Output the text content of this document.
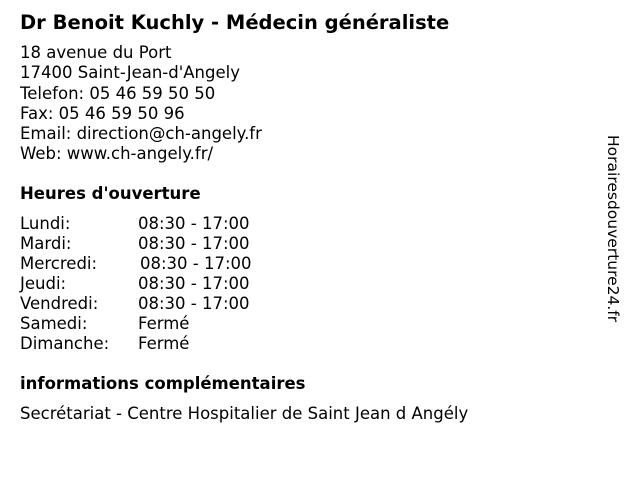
Dr Benoit Kuchly - Médecin généraliste
18 avenue du Port
17400 Saint-Jean-d'Angely
Telefon: 05 46 59 50 50
Fax: 05 46 59 50 96
Email: direction@ch-angely.fr
Web: www.ch-angely.fr/
Heures d'ouverture
Lundi:	08:30 - 17:00
Mardi:	08:30 - 17:00
Mercredi:	08:30 - 17:00
Jeudi:	08:30 - 17:00
Vendredi: 08:30 - 17:00
Samedi:	Fermé
Dimanche: Fermé
informations complémentaires
Secrétariat - Centre Hospitalier de Saint Jean d Angély
Horairesdouverture24.fr
